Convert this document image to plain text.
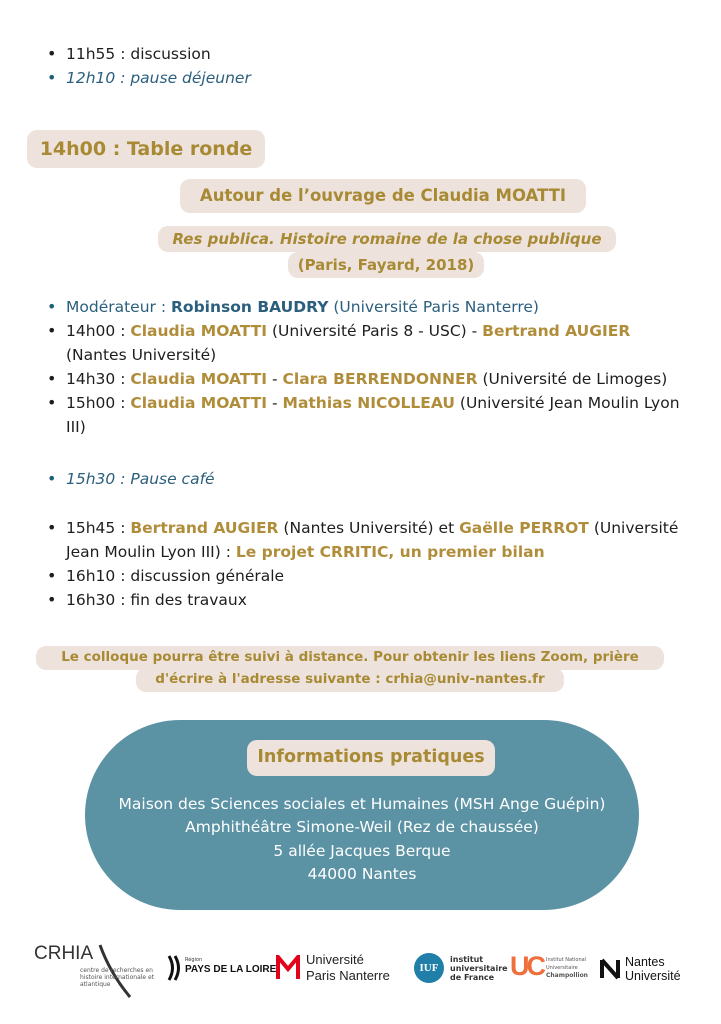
• 11h55 : discussion
• 12h10 : pause déjeuner
14h00 : Table ronde
Autour de l’ouvrage de Claudia MOATTI
Res publica. Histoire romaine de la chose publique
(Paris, Fayard, 2018)
• Modérateur : Robinson BAUDRY (Université Paris Nanterre)
• 14h00 : Claudia MOATTI (Université Paris 8 - USC) - Bertrand AUGIER (Nantes Université)
• 14h30 : Claudia MOATTI - Clara BERRENDONNER (Université de Limoges)
• 15h00 : Claudia MOATTI - Mathias NICOLLEAU (Université Jean Moulin Lyon III)
• 15h30 : Pause café
• 15h45 : Bertrand AUGIER (Nantes Université) et Gaëlle PERROT (Université Jean Moulin Lyon III) : Le projet CRRITIC, un premier bilan
• 16h10 : discussion générale
• 16h30 : fin des travaux
Le colloque pourra être suivi à distance. Pour obtenir les liens Zoom, prière
d'écrire à l'adresse suivante : crhia@univ-nantes.fr
Informations pratiques
Maison des Sciences sociales et Humaines (MSH Ange Guépin)
Amphithéâtre Simone-Weil (Rez de chaussée)
5 allée Jacques Berque
44000 Nantes
CRHIA
centre de recherches en histoire internationale et atlantique
Région
PAYS DE LA LOIRE
Université
Paris Nanterre	IUF
institut
universitaire
de France UC Institut National
Universitaire
Champollion
Nantes
Université
